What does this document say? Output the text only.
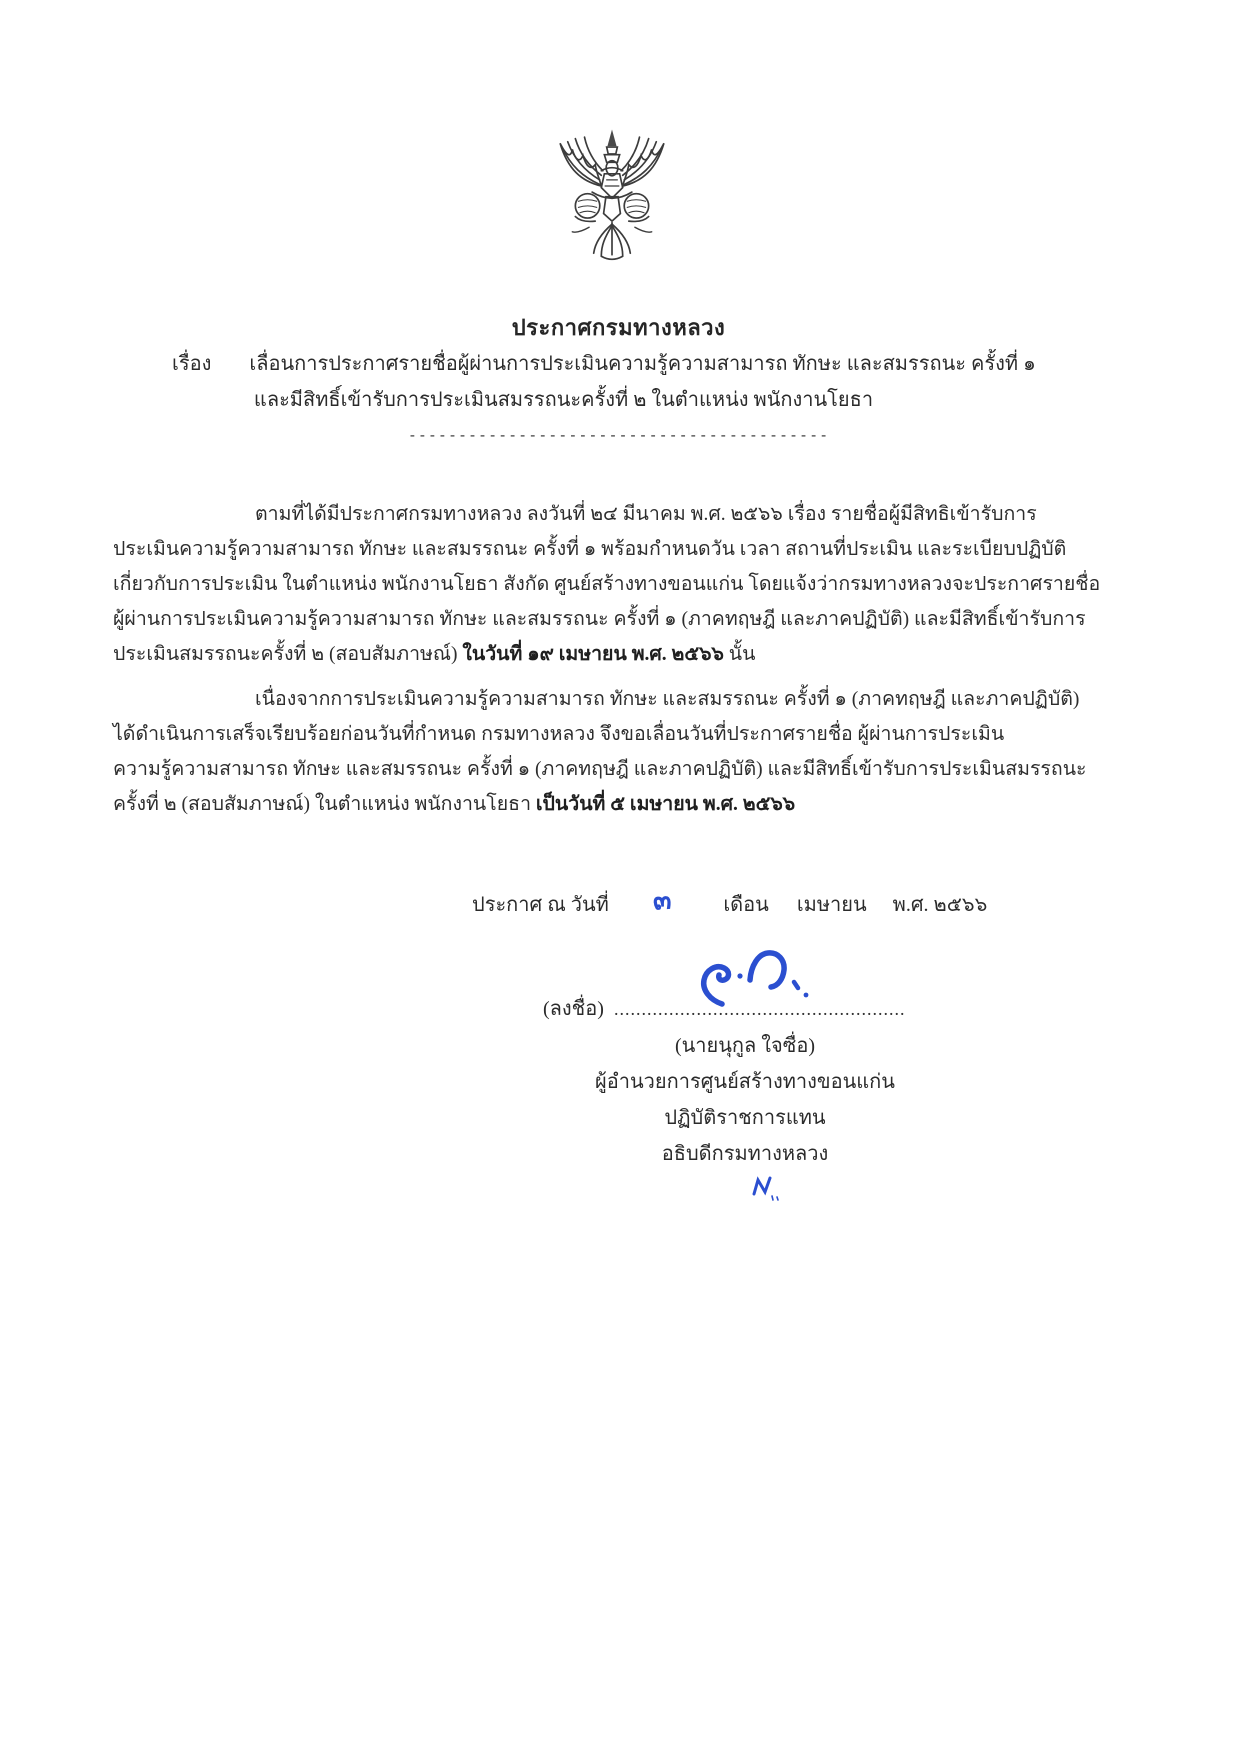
ประกาศกรมทางหลวง
เรื่อง เลื่อนการประกาศรายชื่อผู้ผ่านการประเมินความรู้ความสามารถ ทักษะ และสมรรถนะ ครั้งที่ ๑
และมีสิทธิ์เข้ารับการประเมินสมรรถนะครั้งที่ ๒ ในตำแหน่ง พนักงานโยธา
------------------------------------------
ตามที่ได้มีประกาศกรมทางหลวง ลงวันที่ ๒๔ มีนาคม พ.ศ. ๒๕๖๖ เรื่อง รายชื่อผู้มีสิทธิเข้ารับการ
ประเมินความรู้ความสามารถ ทักษะ และสมรรถนะ ครั้งที่ ๑ พร้อมกำหนดวัน เวลา สถานที่ประเมิน และระเบียบปฏิบัติ
เกี่ยวกับการประเมิน ในตำแหน่ง พนักงานโยธา สังกัด ศูนย์สร้างทางขอนแก่น โดยแจ้งว่ากรมทางหลวงจะประกาศรายชื่อ
ผู้ผ่านการประเมินความรู้ความสามารถ ทักษะ และสมรรถนะ ครั้งที่ ๑ (ภาคทฤษฎี และภาคปฏิบัติ) และมีสิทธิ์เข้ารับการ
ประเมินสมรรถนะครั้งที่ ๒ (สอบสัมภาษณ์) ในวันที่ ๑๙ เมษายน พ.ศ. ๒๕๖๖ นั้น
เนื่องจากการประเมินความรู้ความสามารถ ทักษะ และสมรรถนะ ครั้งที่ ๑ (ภาคทฤษฎี และภาคปฏิบัติ)
ได้ดำเนินการเสร็จเรียบร้อยก่อนวันที่กำหนด กรมทางหลวง จึงขอเลื่อนวันที่ประกาศรายชื่อ ผู้ผ่านการประเมิน
ความรู้ความสามารถ ทักษะ และสมรรถนะ ครั้งที่ ๑ (ภาคทฤษฎี และภาคปฏิบัติ) และมีสิทธิ์เข้ารับการประเมินสมรรถนะ
ครั้งที่ ๒ (สอบสัมภาษณ์) ในตำแหน่ง พนักงานโยธา เป็นวันที่ ๕ เมษายน พ.ศ. ๒๕๖๖
ประกาศ ณ วันที่ ๓	เดือน เมษายน พ.ศ. ๒๕๖๖
(ลงชื่อ) .....................................................
(นายนุกูล ใจซื่อ)
ผู้อำนวยการศูนย์สร้างทางขอนแก่น
ปฏิบัติราชการแทน
อธิบดีกรมทางหลวง
